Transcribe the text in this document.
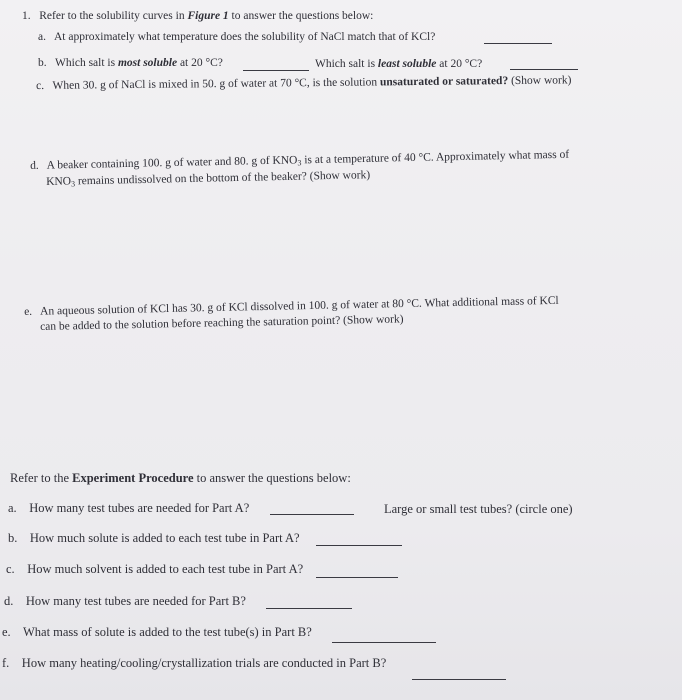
1. Refer to the solubility curves in Figure 1 to answer the questions below:
a. At approximately what temperature does the solubility of NaCl match that of KCl?
b. Which salt is most soluble at 20 °C?	Which salt is least soluble at 20 °C?
c. When 30. g of NaCl is mixed in 50. g of water at 70 °C, is the solution unsaturated or saturated? (Show work)
d. A beaker containing 100. g of water and 80. g of $KNO_3$ is at a temperature of 40 °C. Approximately what mass of
$KNO_3$ remains undissolved on the bottom of the beaker? (Show work)
e. An aqueous solution of KCl has 30. g of KCl dissolved in 100. g of water at 80 °C. What additional mass of KCl
can be added to the solution before reaching the saturation point? (Show work)
Refer to the Experiment Procedure to answer the questions below:
a. How many test tubes are needed for Part A?	Large or small test tubes? (circle one)
b. How much solute is added to each test tube in Part A?
c. How much solvent is added to each test tube in Part A?
d. How many test tubes are needed for Part B?
e. What mass of solute is added to the test tube(s) in Part B?
f. How many heating/cooling/crystallization trials are conducted in Part B?
